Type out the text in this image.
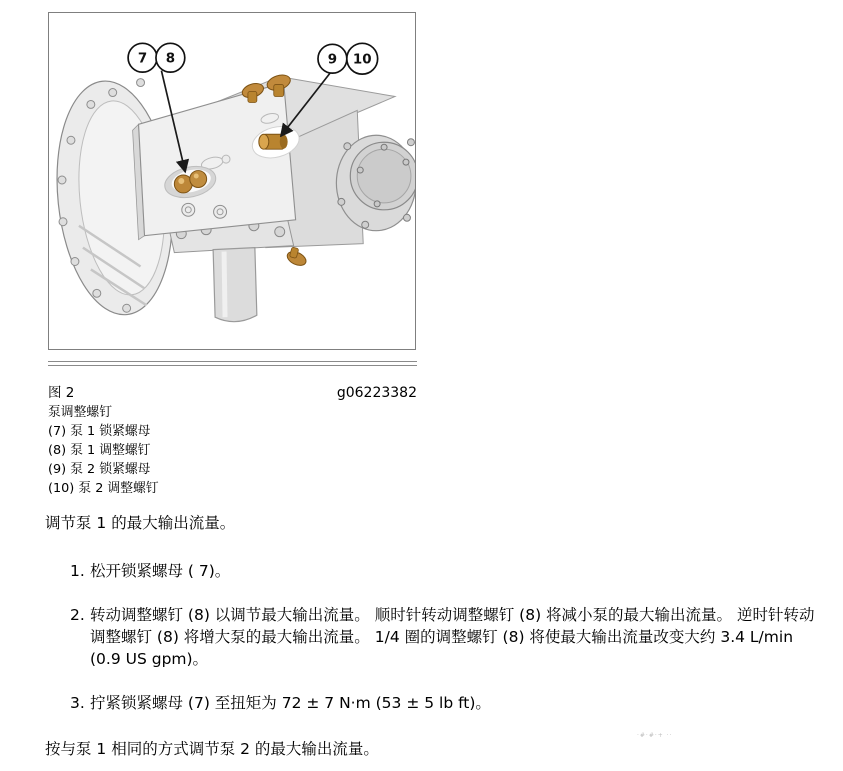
7 8	9 10
图 2	g06223382
泵调整螺钉
(7) 泵 1 锁紧螺母
(8) 泵 1 调整螺钉
(9) 泵 2 锁紧螺母
(10) 泵 2 调整螺钉

调节泵 1 的最大输出流量。

1. 松开锁紧螺母 ( 7)。
2. 转动调整螺钉 (8) 以调节最大输出流量。 顺时针转动调整螺钉 (8) 将减小泵的最大输出流量。 逆时针转动调整螺钉 (8) 将增大泵的最大输出流量。 1/4 圈的调整螺钉 (8) 将使最大输出流量改变大约 3.4 L/min (0.9 US gpm)。
3. 拧紧锁紧螺母 (7) 至扭矩为 72 ± 7 N·m (53 ± 5 lb ft)。

按与泵 1 相同的方式调节泵 2 的最大输出流量。

·#·#·+ ··
